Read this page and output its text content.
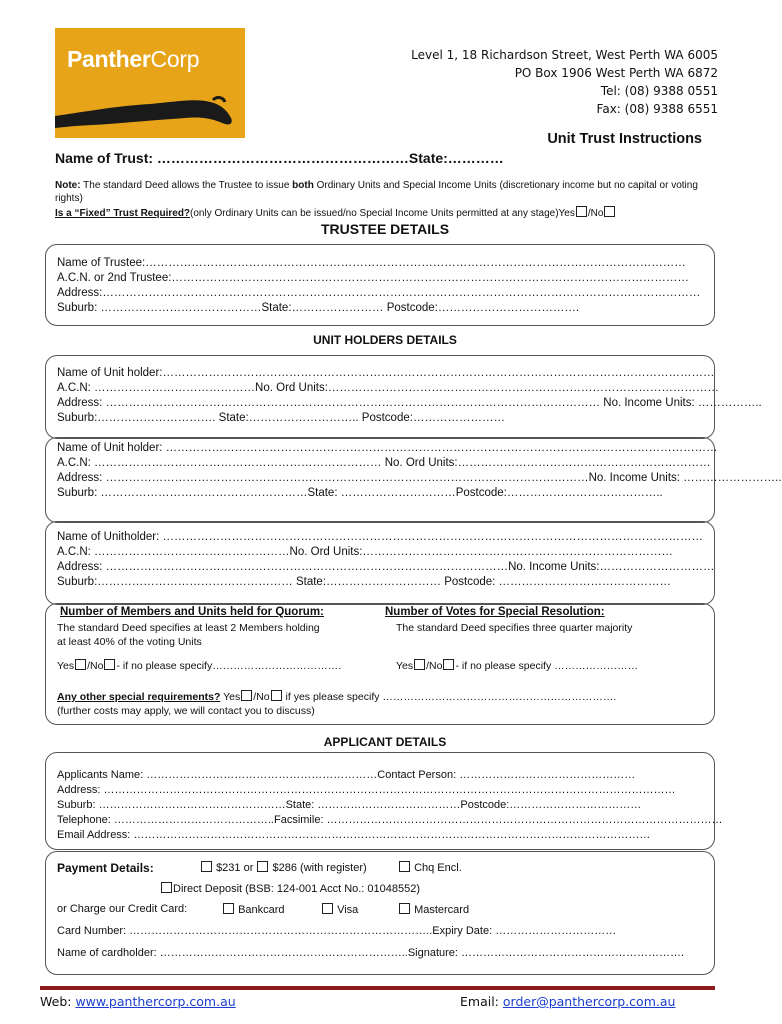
PantherCorp	Level 1, 18 Richardson Street, West Perth WA 6005
PO Box 1906 West Perth WA 6872
Tel: (08) 9388 0551
Fax: (08) 9388 6551
Unit Trust Instructions
Name of Trust: ………………………………………………State:…………
Note: The standard Deed allows the Trustee to issue both Ordinary Units and Special Income Units (discretionary income but no capital or voting rights)
Is a “Fixed” Trust Required?(only Ordinary Units can be issued/no Special Income Units permitted at any stage)Yes /No
TRUSTEE DETAILS
Name of Trustee:……………………………………………………………………………………………………………………………
A.C.N. or 2nd Trustee:………………………………………………………………………………………………………………………
Address:…………………………………………………………………………………………………………………………………………
Suburb: ……………………………………State:…………………… Postcode:……………………………….
UNIT HOLDERS DETAILS
Name of Unit holder:………………………………………………………………………………………………………………………………
A.C.N: ……………………………………No. Ord Units:…………………………………………………………………………………………
Address: ………………………………………………………………………………………………………………… No. Income Units: ……………..
Suburb:…………………………. State:……………………….. Postcode:……………………
Name of Unit holder: ………………………………………………………………………………………………………………………………
A.C.N: ………………………………………………………………… No. Ord Units:…………………………………………………………
Address: ………………………………………………………………………………………………………………No. Income Units: ……………………..
Suburb: ………………………………………………State: …………………………Postcode:…………………………………..
Name of Unitholder: ……………………………………………………………………………………………………………………………
A.C.N: ……………………………………………No. Ord Units:………………………………………………………………………
Address: ……………………………………………………………………………………………No. Income Units:…………………………
Suburb:…………………………………………… State:………………………… Postcode: ………………………………………
Number of Members and Units held for Quorum:	Number of Votes for Special Resolution:
The standard Deed specifies at least 2 Members holding
at least 40% of the voting Units
The standard Deed specifies three quarter majority
Yes /No - if no please specify……………………………….	Yes /No - if no please specify ……………………
Any other special requirements? Yes /No if yes please specify ………………………………………………………….
(further costs may apply, we will contact you to discuss)
APPLICANT DETAILS
Applicants Name: ………………………………………………………Contact Person: …………………………………………
Address: …………………………………………………………………………………………………………………………………………
Suburb: ……………………………………………State: …………………………………Postcode:………………………………
Telephone: ……………………………………..Facsimile: ………………………………………………………………………………………………
Email Address: ……………………………………………………………………………………………………………………………
Payment Details:	$231 or $286 (with register)	Chq Encl.
Direct Deposit (BSB: 124-001 Acct No.: 01048552)
or Charge our Credit Card:	Bankcard	Visa	Mastercard
Card Number: ………………………………………………………………………..Expiry Date: ……………………………
Name of cardholder: …………………………………………………………..Signature: …………………………………………………….
Web: www.panthercorp.com.au	Email: order@panthercorp.com.au
